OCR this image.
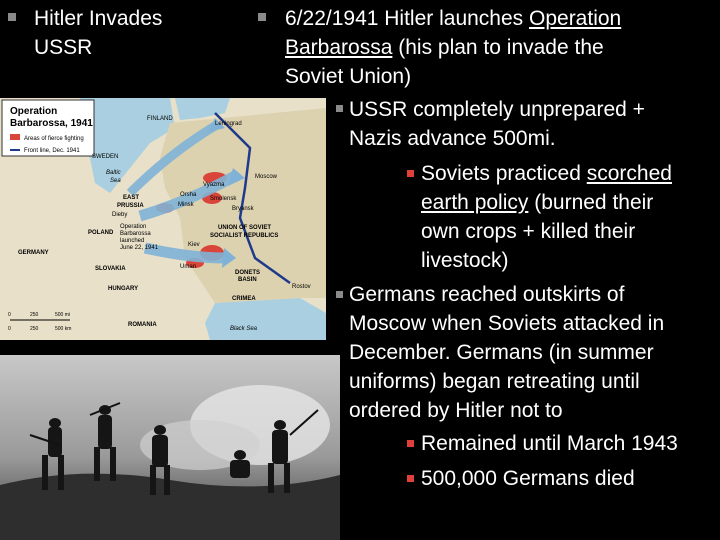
Hitler Invades
USSR
6/22/1941 Hitler launches Operation
Barbarossa (his plan to invade the
Soviet Union)
USSR completely unprepared +
Nazis advance 500mi.
Soviets practiced scorched
earth policy (burned their
own crops + killed their
livestock)
Germans reached outskirts of
Moscow when Soviets attacked in
December. Germans (in summer
uniforms) began retreating until
ordered by Hitler not to
Remained until March 1943
500,000 Germans died
Operation
Barbarossa, 1941
Areas of fierce fighting
Front line, Dec. 1941
FINLAND
SWEDEN
Leningrad
Baltic
Sea
Moscow
EAST
PRUSSIA
Dieby
POLAND
GERMANY
Operation
Barbarossa
launched
June 22, 1941
Vyazma
Orsha
Smolensk
Minsk
Bryansk
Kiev
UNION OF SOVIET
SOCIALIST REPUBLICS
SLOVAKIA
HUNGARY
ROMANIA
Uman
DONETS
BASIN
Rostov
CRIMEA
Black Sea
0	250	500 mi
0	250	500 km
